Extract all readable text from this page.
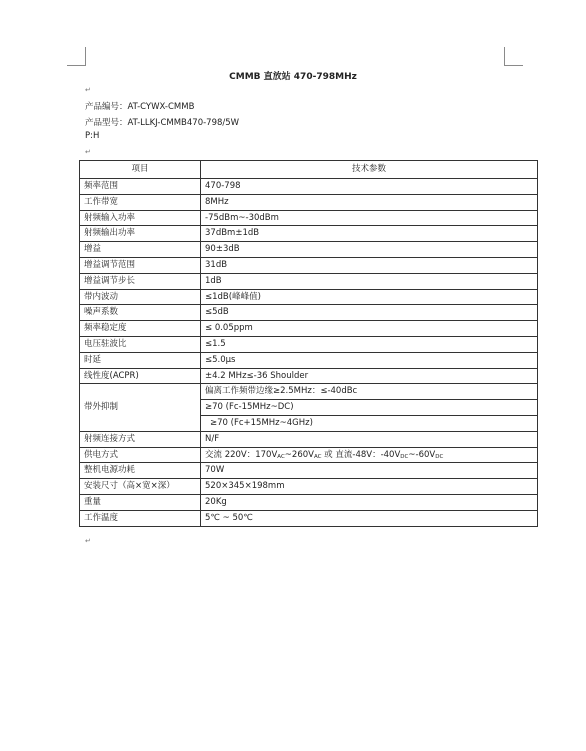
CMMB 直放站 470-798MHz
↵
产品编号：AT-CYWX-CMMB
产品型号：AT-LLKJ-CMMB470-798/5W
P:H
↵
项目	技术参数
频率范围	470-798
工作带宽	8MHz
射频输入功率	-75dBm~-30dBm
射频输出功率	37dBm±1dB
增益	90±3dB
增益调节范围	31dB
增益调节步长	1dB
带内波动	≤1dB(峰峰值)
噪声系数	≤5dB
频率稳定度	≤ 0.05ppm
电压驻波比	≤1.5
时延	≤5.0μs
线性度(ACPR)	±4.2 MHz≤-36 Shoulder
带外抑制	偏离工作频带边缘≥2.5MHz：≤-40dBc
	≥70 (Fc-15MHz~DC)
	≥70 (Fc+15MHz~4GHz)
射频连接方式	N/F
供电方式	交流 220V：$170V_{AC}\sim 260V_{AC}$ 或 直流-48V：$-40V_{DC}\sim-60V_{DC}$
整机电源功耗	70W
安装尺寸（高×宽×深）	520×345×198mm
重量	20Kg
工作温度	5℃ ~ 50℃
↵
